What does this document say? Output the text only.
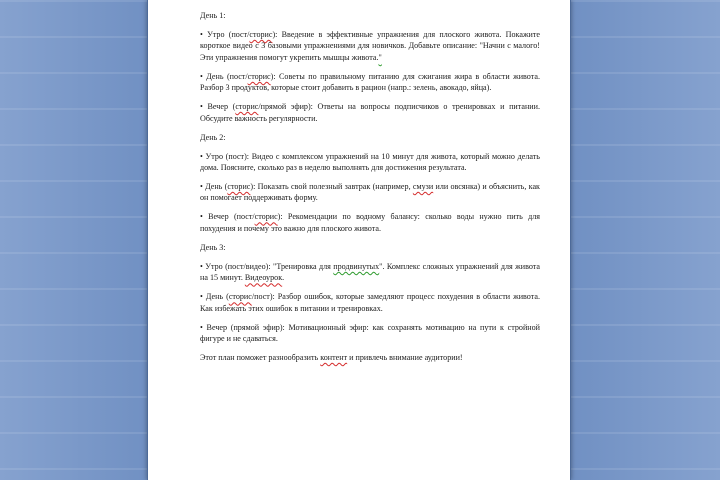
День 1:

• Утро (пост/сторис): Введение в эффективные упражнения для плоского живота. Покажите короткое видео с 3 базовыми упражнениями для новичков. Добавьте описание: "Начни с малого! Эти упражнения помогут укрепить мышцы живота."

• День (пост/сторис): Советы по правильному питанию для сжигания жира в области живота. Разбор 3 продуктов, которые стоит добавить в рацион (напр.: зелень, авокадо, яйца).

• Вечер (сторис/прямой эфир): Ответы на вопросы подписчиков о тренировках и питании. Обсудите важность регулярности.

День 2:

• Утро (пост): Видео с комплексом упражнений на 10 минут для живота, который можно делать дома. Поясните, сколько раз в неделю выполнять для достижения результата.

• День (сторис): Показать свой полезный завтрак (например, смузи или овсянка) и объяснить, как он помогает поддерживать форму.

• Вечер (пост/сторис): Рекомендации по водному балансу: сколько воды нужно пить для похудения и почему это важно для плоского живота.

День 3:

• Утро (пост/видео): "Тренировка для продвинутых". Комплекс сложных упражнений для живота на 15 минут. Видеоурок.

• День (сторис/пост): Разбор ошибок, которые замедляют процесс похудения в области живота. Как избежать этих ошибок в питании и тренировках.

• Вечер (прямой эфир): Мотивационный эфир: как сохранять мотивацию на пути к стройной фигуре и не сдаваться.

Этот план поможет разнообразить контент и привлечь внимание аудитории!
